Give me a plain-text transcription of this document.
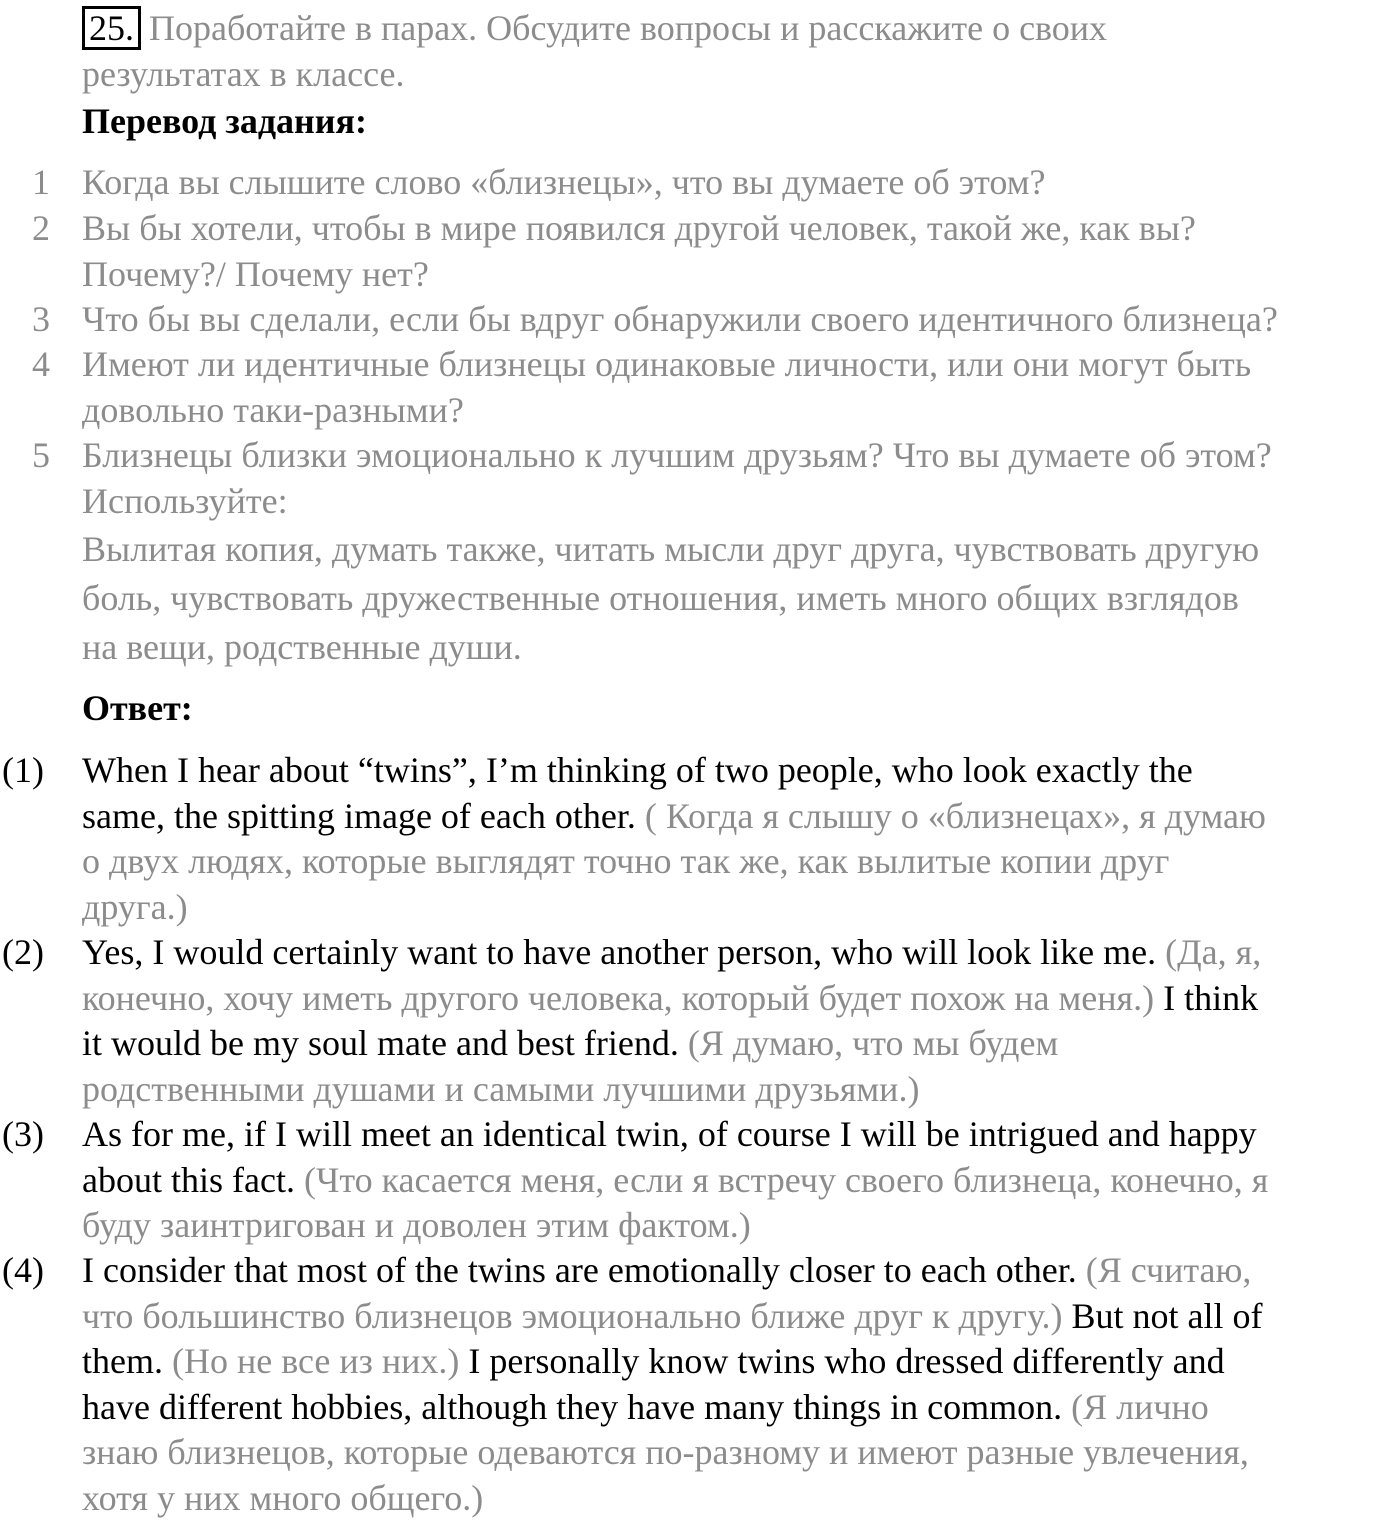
25. Поработайте в парах. Обсудите вопросы и расскажите о своих
результатах в классе.
Перевод задания:
1 Когда вы слышите слово «близнецы», что вы думаете об этом?
2 Вы бы хотели, чтобы в мире появился другой человек, такой же, как вы?
Почему?/ Почему нет?
3 Что бы вы сделали, если бы вдруг обнаружили своего идентичного близнеца?
4 Имеют ли идентичные близнецы одинаковые личности, или они могут быть
довольно таки-разными?
5 Близнецы близки эмоционально к лучшим друзьям? Что вы думаете об этом?
Используйте:
Вылитая копия, думать также, читать мысли друг друга, чувствовать другую
боль, чувствовать дружественные отношения, иметь много общих взглядов
на вещи, родственные души.
Ответ:
(1) When I hear about “twins”, I’m thinking of two people, who look exactly the
same, the spitting image of each other. ( Когда я слышу о «близнецах», я думаю
о двух людях, которые выглядят точно так же, как вылитые копии друг
друга.)
(2) Yes, I would certainly want to have another person, who will look like me. (Да, я,
конечно, хочу иметь другого человека, который будет похож на меня.) I think
it would be my soul mate and best friend. (Я думаю, что мы будем
родственными душами и самыми лучшими друзьями.)
(3) As for me, if I will meet an identical twin, of course I will be intrigued and happy
about this fact. (Что касается меня, если я встречу своего близнеца, конечно, я
буду заинтригован и доволен этим фактом.)
(4) I consider that most of the twins are emotionally closer to each other. (Я считаю,
что большинство близнецов эмоционально ближе друг к другу.) But not all of
them. (Но не все из них.) I personally know twins who dressed differently and
have different hobbies, although they have many things in common. (Я лично
знаю близнецов, которые одеваются по-разному и имеют разные увлечения,
хотя у них много общего.)
